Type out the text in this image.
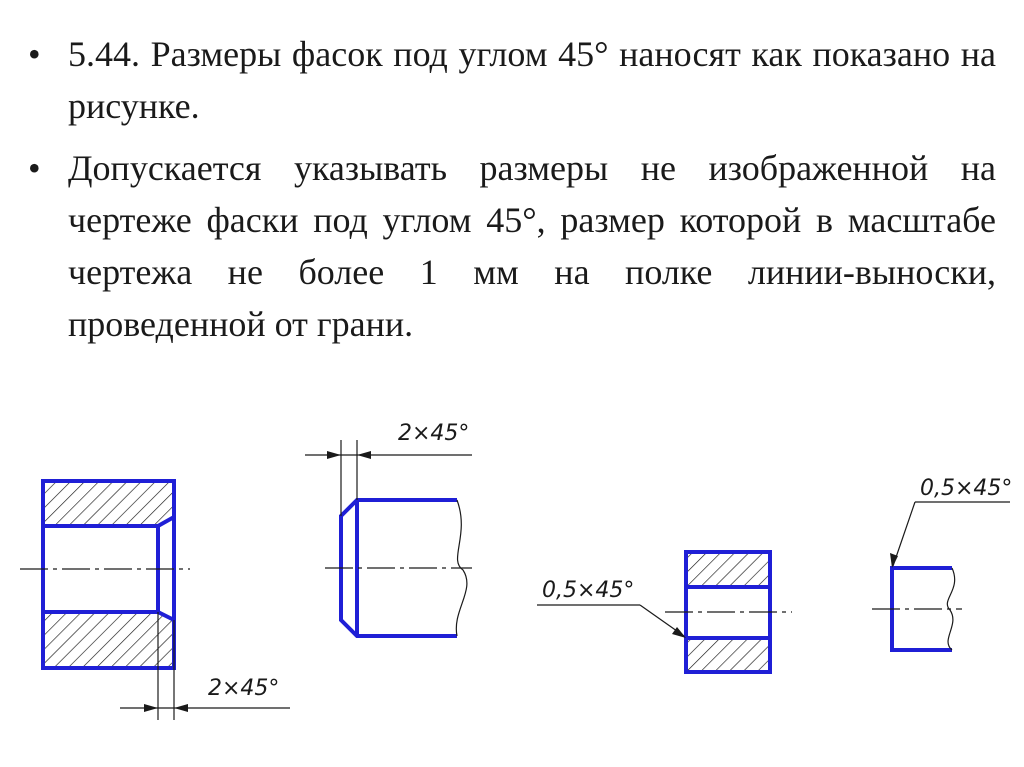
• 5.44. Размеры фасок под углом 45° наносят как показано на рисунке.
• Допускается указывать размеры не изображенной на чертеже фаски под углом 45°, размер которой в масштабе чертежа не более 1 мм на полке линии-выноски, проведенной от грани.
2×45°
2×45°
0,5×45°
0,5×45°
